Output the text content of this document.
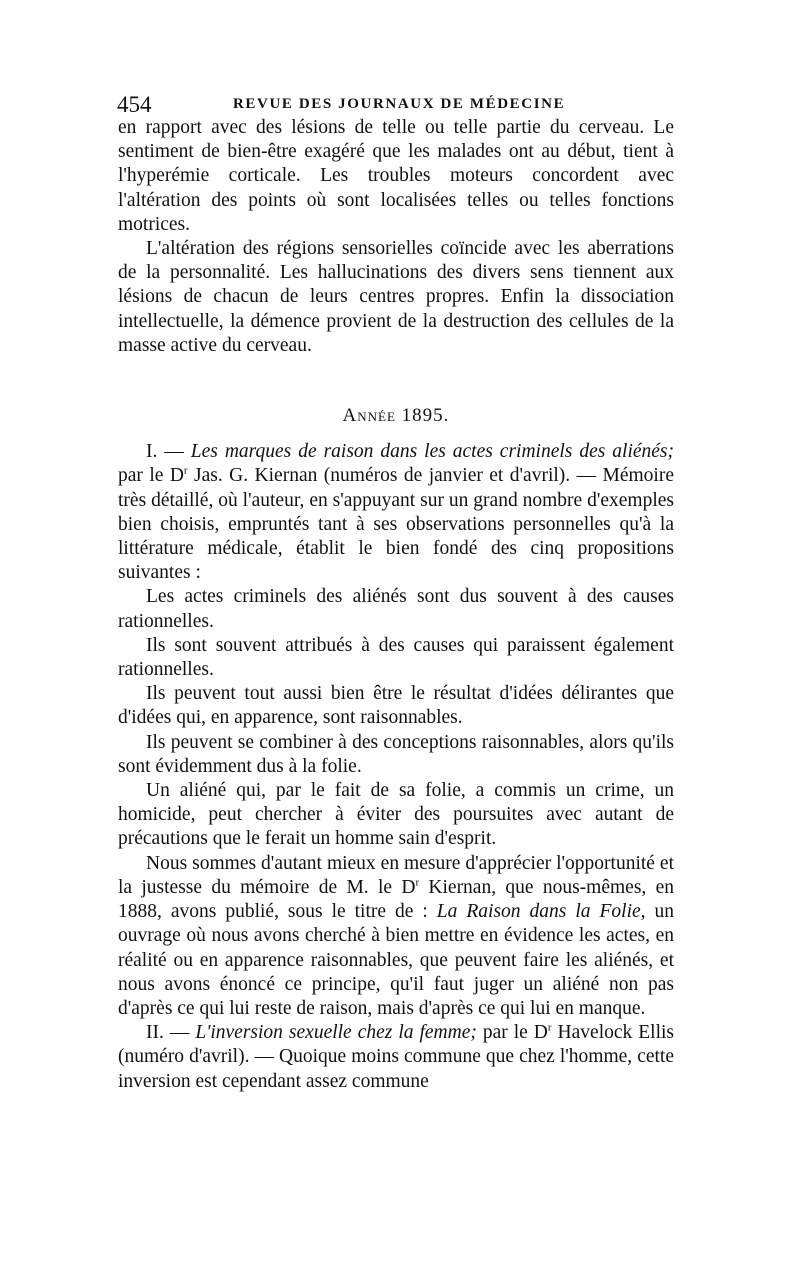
454	REVUE DES JOURNAUX DE MÉDECINE

en rapport avec des lésions de telle ou telle partie du cerveau. Le sentiment de bien-être exagéré que les malades ont au début, tient à l'hyperémie corticale. Les troubles moteurs concordent avec l'altération des points où sont localisées telles ou telles fonctions motrices.

L'altération des régions sensorielles coïncide avec les aberrations de la personnalité. Les hallucinations des divers sens tiennent aux lésions de chacun de leurs centres propres. Enfin la dissociation intellectuelle, la démence provient de la destruction des cellules de la masse active du cerveau.

Année 1895.

I. — Les marques de raison dans les actes criminels des aliénés; par le $D^r$ Jas. G. Kiernan (numéros de janvier et d'avril). — Mémoire très détaillé, où l'auteur, en s'appuyant sur un grand nombre d'exemples bien choisis, empruntés tant à ses observations personnelles qu'à la littérature médicale, établit le bien fondé des cinq propositions suivantes :

Les actes criminels des aliénés sont dus souvent à des causes rationnelles.

Ils sont souvent attribués à des causes qui paraissent également rationnelles.

Ils peuvent tout aussi bien être le résultat d'idées délirantes que d'idées qui, en apparence, sont raisonnables.

Ils peuvent se combiner à des conceptions raisonnables, alors qu'ils sont évidemment dus à la folie.

Un aliéné qui, par le fait de sa folie, a commis un crime, un homicide, peut chercher à éviter des poursuites avec autant de précautions que le ferait un homme sain d'esprit.

Nous sommes d'autant mieux en mesure d'apprécier l'opportunité et la justesse du mémoire de M. le $D^r$ Kiernan, que nous-mêmes, en 1888, avons publié, sous le titre de : La Raison dans la Folie, un ouvrage où nous avons cherché à bien mettre en évidence les actes, en réalité ou en apparence raisonnables, que peuvent faire les aliénés, et nous avons énoncé ce principe, qu'il faut juger un aliéné non pas d'après ce qui lui reste de raison, mais d'après ce qui lui en manque.

II. — L'inversion sexuelle chez la femme; par le $D^r$ Havelock Ellis (numéro d'avril). — Quoique moins commune que chez l'homme, cette inversion est cependant assez commune
